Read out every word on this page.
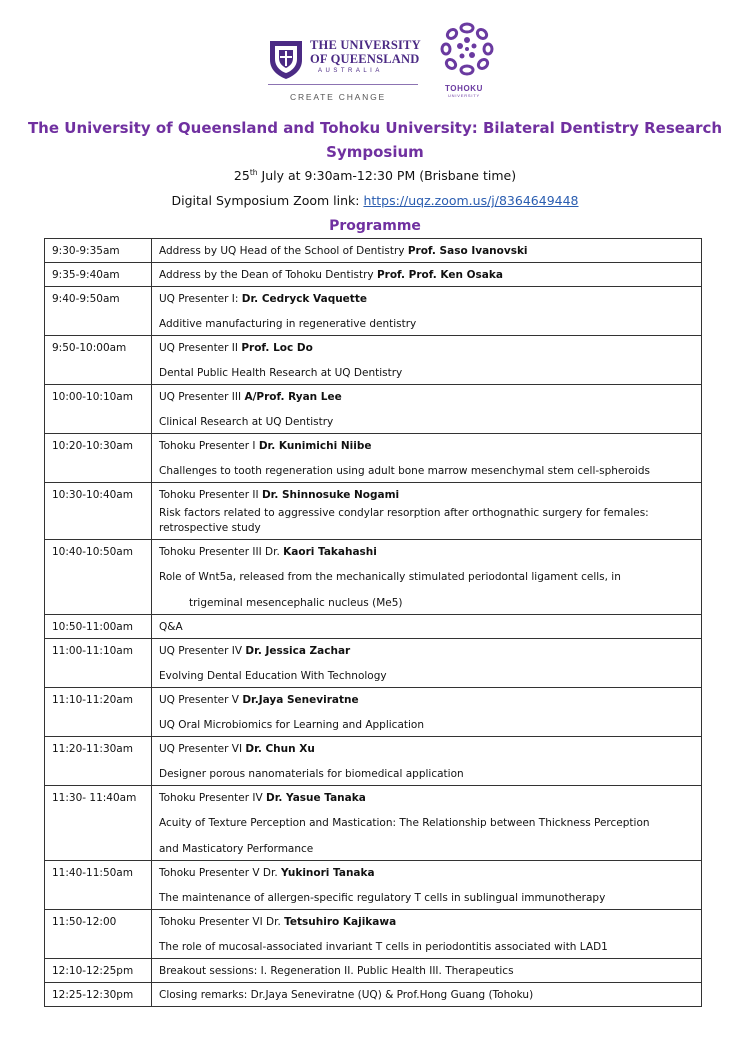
THE UNIVERSITY
OF QUEENSLAND
AUSTRALIA
CREATE CHANGE
TOHOKU
UNIVERSITY
The University of Queensland and Tohoku University: Bilateral Dentistry Research Symposium
25th July at 9:30am-12:30 PM (Brisbane time)
Digital Symposium Zoom link: https://uqz.zoom.us/j/8364649448
Programme
9:30-9:35am	Address by UQ Head of the School of Dentistry Prof. Saso Ivanovski

9:35-9:40am	Address by the Dean of Tohoku Dentistry Prof. Prof. Ken Osaka

9:40-9:50am	UQ Presenter I: Dr. Cedryck Vaquette
Additive manufacturing in regenerative dentistry

9:50-10:00am	UQ Presenter II Prof. Loc Do
Dental Public Health Research at UQ Dentistry

10:00-10:10am	UQ Presenter III A/Prof. Ryan Lee
Clinical Research at UQ Dentistry

10:20-10:30am	Tohoku Presenter I Dr. Kunimichi Niibe
Challenges to tooth regeneration using adult bone marrow mesenchymal stem cell-spheroids

10:30-10:40am	Tohoku Presenter II Dr. Shinnosuke Nogami
Risk factors related to aggressive condylar resorption after orthognathic surgery for females:
retrospective study

10:40-10:50am	Tohoku Presenter III Dr. Kaori Takahashi
Role of Wnt5a, released from the mechanically stimulated periodontal ligament cells, in
trigeminal mesencephalic nucleus (Me5)

10:50-11:00am	Q&A

11:00-11:10am	UQ Presenter IV Dr. Jessica Zachar
Evolving Dental Education With Technology

11:10-11:20am	UQ Presenter V Dr.Jaya Seneviratne
UQ Oral Microbiomics for Learning and Application

11:20-11:30am	UQ Presenter VI Dr. Chun Xu
Designer porous nanomaterials for biomedical application

11:30- 11:40am	Tohoku Presenter IV Dr. Yasue Tanaka
Acuity of Texture Perception and Mastication: The Relationship between Thickness Perception
and Masticatory Performance

11:40-11:50am	Tohoku Presenter V Dr. Yukinori Tanaka
The maintenance of allergen-specific regulatory T cells in sublingual immunotherapy

11:50-12:00	Tohoku Presenter VI Dr. Tetsuhiro Kajikawa
The role of mucosal-associated invariant T cells in periodontitis associated with LAD1

12:10-12:25pm	Breakout sessions: I. Regeneration II. Public Health III. Therapeutics

12:25-12:30pm	Closing remarks: Dr.Jaya Seneviratne (UQ) & Prof.Hong Guang (Tohoku)
